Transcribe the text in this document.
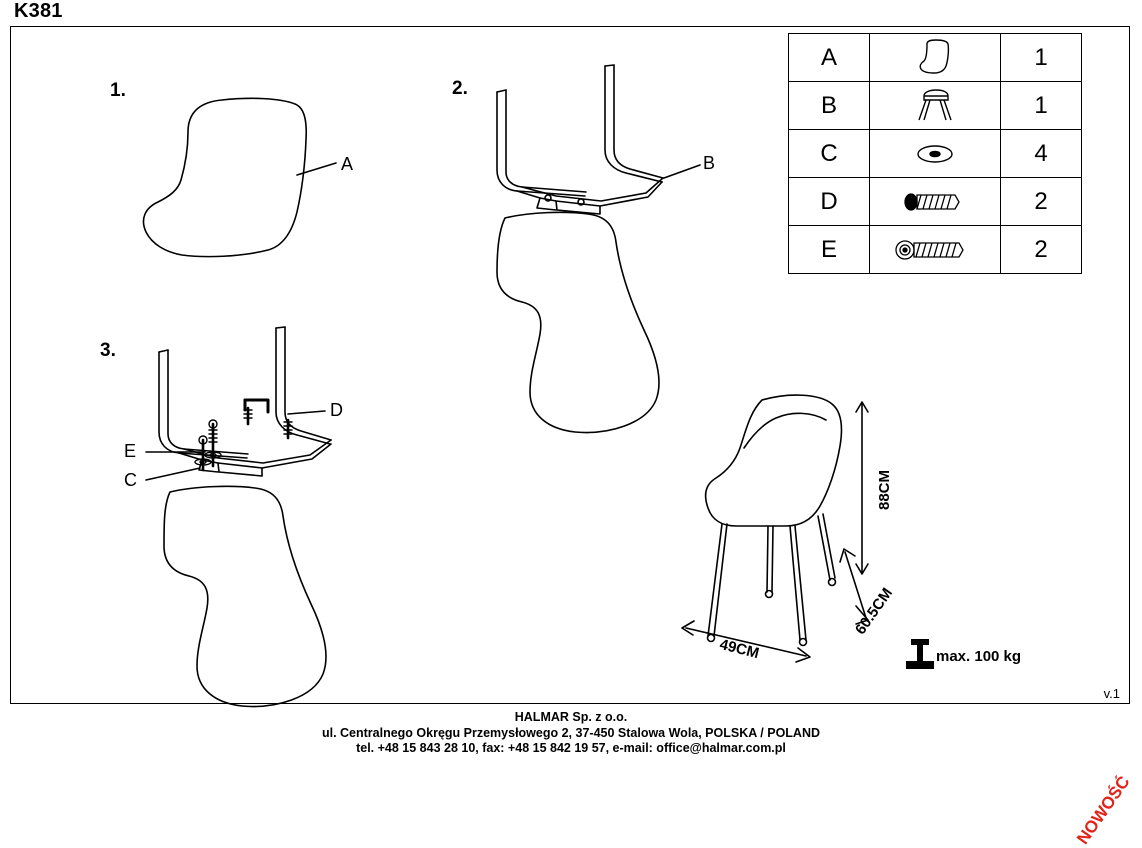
K381
1.	2.
3.
A	B
D
E
C
A		1
B		1
C		4
D		2
E		2
88CM
60.5CM
49CM	max. 100 kg
v.1
HALMAR Sp. z o.o.
ul. Centralnego Okręgu Przemysłowego 2, 37-450 Stalowa Wola, POLSKA / POLAND
tel. +48 15 843 28 10, fax: +48 15 842 19 57, e-mail: office@halmar.com.pl
NOWOŚĆ
